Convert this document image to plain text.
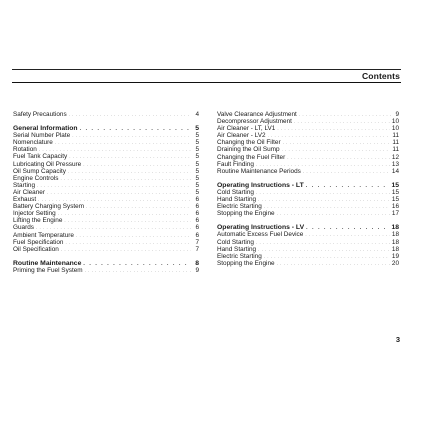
Contents
Safety Precautions . . .	4
General Information . . .	5
Serial Number Plate . . .	5
Nomenclature . . .	5
Rotation . . .	5
Fuel Tank Capacity . . .	5
Lubricating Oil Pressure . . .	5
Oil Sump Capacity . . .	5
Engine Controls . . .	5
Starting . . .	5
Air Cleaner . . .	5
Exhaust . . .	6
Battery Charging System . . .	6
Injector Setting . . .	6
Lifting the Engine . . .	6
Guards . . .	6
Ambient Temperature . . .	6
Fuel Specification . . .	7
Oil Specification . . .	7
Routine Maintenance . . .	8
Priming the Fuel System . . .	9
Valve Clearance Adjustment . . .	9
Decompressor Adjustment . . .	10
Air Cleaner - LT, LV1 . . .	10
Air Cleaner - LV2 . . .	11
Changing the Oil Filter . . .	11
Draining the Oil Sump . . .	11
Changing the Fuel Filter . . .	12
Fault Finding . . .	13
Routine Maintenance Periods . . .	14
Operating Instructions - LT . . .	15
Cold Starting . . .	15
Hand Starting . . .	15
Electric Starting . . .	16
Stopping the Engine . . .	17
Operating Instructions - LV . . .	18
Automatic Excess Fuel Device . . .	18
Cold Starting . . .	18
Hand Starting . . .	18
Electric Starting . . .	19
Stopping the Engine . . .	20
3
